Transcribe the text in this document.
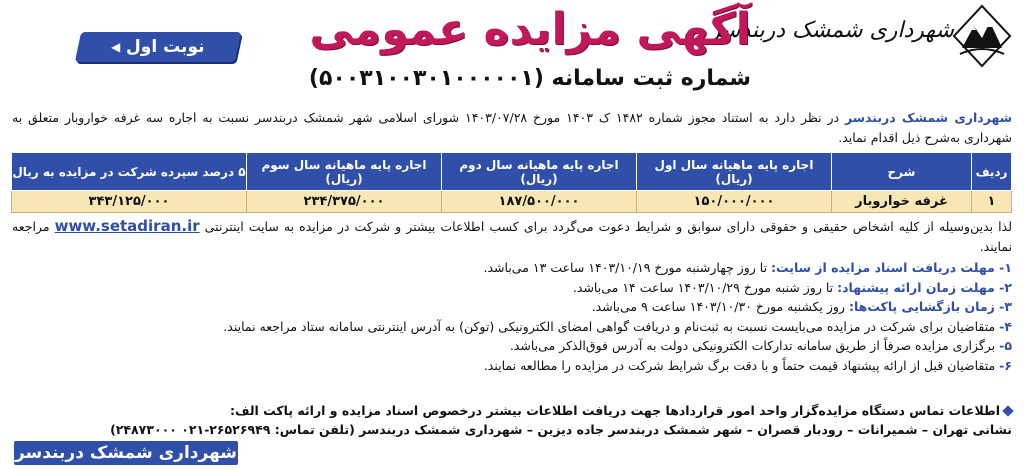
شهرداری شمشک دربندسر
آگهی مزایده عمومی
شماره ثبت سامانه (۵۰۰۳۱۰۰۳۰۱۰۰۰۰۰۱)
نوبت اول
◀
شهرداری شمشک دربندسر در نظر دارد به استناد مجوز شماره ۱۴۸۲ ک ۱۴۰۳ مورخ ۱۴۰۳/۰۷/۲۸ شورای اسلامی شهر شمشک دربندسر نسبت به اجاره سه غرفه خواروبار متعلق به شهرداری به‌شرح ذیل اقدام نماید.
ردیف	شرح	اجاره پایه ماهیانه سال اول (ریال)	اجاره پایه ماهیانه سال دوم (ریال)	اجاره پایه ماهیانه سال سوم (ریال)	۵ درصد سپرده شرکت در مزایده به ریال
۱	غرفه خواروبار	۱۵۰/۰۰۰/۰۰۰	۱۸۷/۵۰۰/۰۰۰	۲۳۴/۳۷۵/۰۰۰	۳۴۳/۱۲۵/۰۰۰
لذا بدین‌وسیله از کلیه اشخاص حقیقی و حقوقی دارای سوابق و شرایط دعوت می‌گردد برای کسب اطلاعات بیشتر و شرکت در مزایده به سایت اینترنتی www.setadiran.ir مراجعه نمایند.
۱- مهلت دریافت اسناد مزایده از سایت: تا روز چهارشنبه مورخ ۱۴۰۳/۱۰/۱۹ ساعت ۱۳ می‌باشد.
۲- مهلت زمان ارائه پیشنهاد: تا روز شنبه مورخ ۱۴۰۳/۱۰/۲۹ ساعت ۱۴ می‌باشد.
۳- زمان بازگشایی پاکت‌ها: روز یکشنبه مورخ ۱۴۰۳/۱۰/۳۰ ساعت ۹ می‌باشد.
۴- متقاضیان برای شرکت در مزایده می‌بایست نسبت به ثبت‌نام و دریافت گواهی امضای الکترونیکی (توکن) به آدرس اینترنتی سامانه ستاد مراجعه نمایند.
۵- برگزاری مزایده صرفاً از طریق سامانه تدارکات الکترونیکی دولت به آدرس فوق‌الذکر می‌باشد.
۶- متقاضیان قبل از ارائه پیشنهاد قیمت حتماً و با دقت برگ شرایط شرکت در مزایده را مطالعه نمایند.
اطلاعات تماس دستگاه مزایده‌گزار واحد امور قراردادها جهت دریافت اطلاعات بیشتر درخصوص اسناد مزایده و ارائه پاکت الف:
نشانی تهران – شمیرانات – رودبار قصران – شهر شمشک دربندسر جاده دیزین – شهرداری شمشک دربندسر (تلفن تماس: ۲۶۵۲۶۹۴۹-۰۲۱ ۲۴۸۷۳۰۰۰)
شهرداری شمشک دربندسر
